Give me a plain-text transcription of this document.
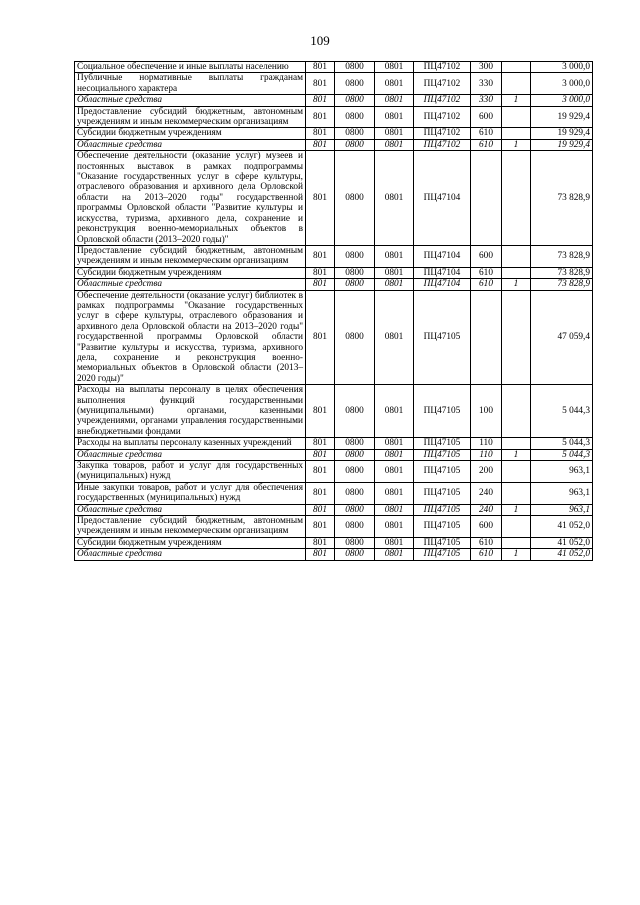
109
Социальное обеспечение и иные выплаты населению	801	0800	0801	ПЦ47102	300		3 000,0
Публичные нормативные выплаты гражданам несоциального характера	801	0800	0801	ПЦ47102	330		3 000,0
Областные средства	801	0800	0801	ПЦ47102	330	1	3 000,0
Предоставление субсидий бюджетным, автономным учреждениям и иным некоммерческим организациям	801	0800	0801	ПЦ47102	600		19 929,4
Субсидии бюджетным учреждениям	801	0800	0801	ПЦ47102	610		19 929,4
Областные средства	801	0800	0801	ПЦ47102	610	1	19 929,4
Обеспечение деятельности (оказание услуг) музеев и постоянных выставок в рамках подпрограммы "Оказание государственных услуг в сфере культуры, отраслевого образования и архивного дела Орловской области на 2013–2020 годы" государственной программы Орловской области "Развитие культуры и искусства, туризма, архивного дела, сохранение и реконструкция военно-мемориальных объектов в Орловской области (2013–2020 годы)"	801	0800	0801	ПЦ47104			73 828,9
Предоставление субсидий бюджетным, автономным учреждениям и иным некоммерческим организациям	801	0800	0801	ПЦ47104	600		73 828,9
Субсидии бюджетным учреждениям	801	0800	0801	ПЦ47104	610		73 828,9
Областные средства	801	0800	0801	ПЦ47104	610	1	73 828,9
Обеспечение деятельности (оказание услуг) библиотек в рамках подпрограммы "Оказание государственных услуг в сфере культуры, отраслевого образования и архивного дела Орловской области на 2013–2020 годы" государственной программы Орловской области "Развитие культуры и искусства, туризма, архивного дела, сохранение и реконструкция военно-мемориальных объектов в Орловской области (2013–2020 годы)"	801	0800	0801	ПЦ47105			47 059,4
Расходы на выплаты персоналу в целях обеспечения выполнения функций государственными (муниципальными) органами, казенными учреждениями, органами управления государственными внебюджетными фондами	801	0800	0801	ПЦ47105	100		5 044,3
Расходы на выплаты персоналу казенных учреждений	801	0800	0801	ПЦ47105	110		5 044,3
Областные средства	801	0800	0801	ПЦ47105	110	1	5 044,3
Закупка товаров, работ и услуг для государственных (муниципальных) нужд	801	0800	0801	ПЦ47105	200		963,1
Иные закупки товаров, работ и услуг для обеспечения государственных (муниципальных) нужд	801	0800	0801	ПЦ47105	240		963,1
Областные средства	801	0800	0801	ПЦ47105	240	1	963,1
Предоставление субсидий бюджетным, автономным учреждениям и иным некоммерческим организациям	801	0800	0801	ПЦ47105	600		41 052,0
Субсидии бюджетным учреждениям	801	0800	0801	ПЦ47105	610		41 052,0
Областные средства	801	0800	0801	ПЦ47105	610	1	41 052,0
